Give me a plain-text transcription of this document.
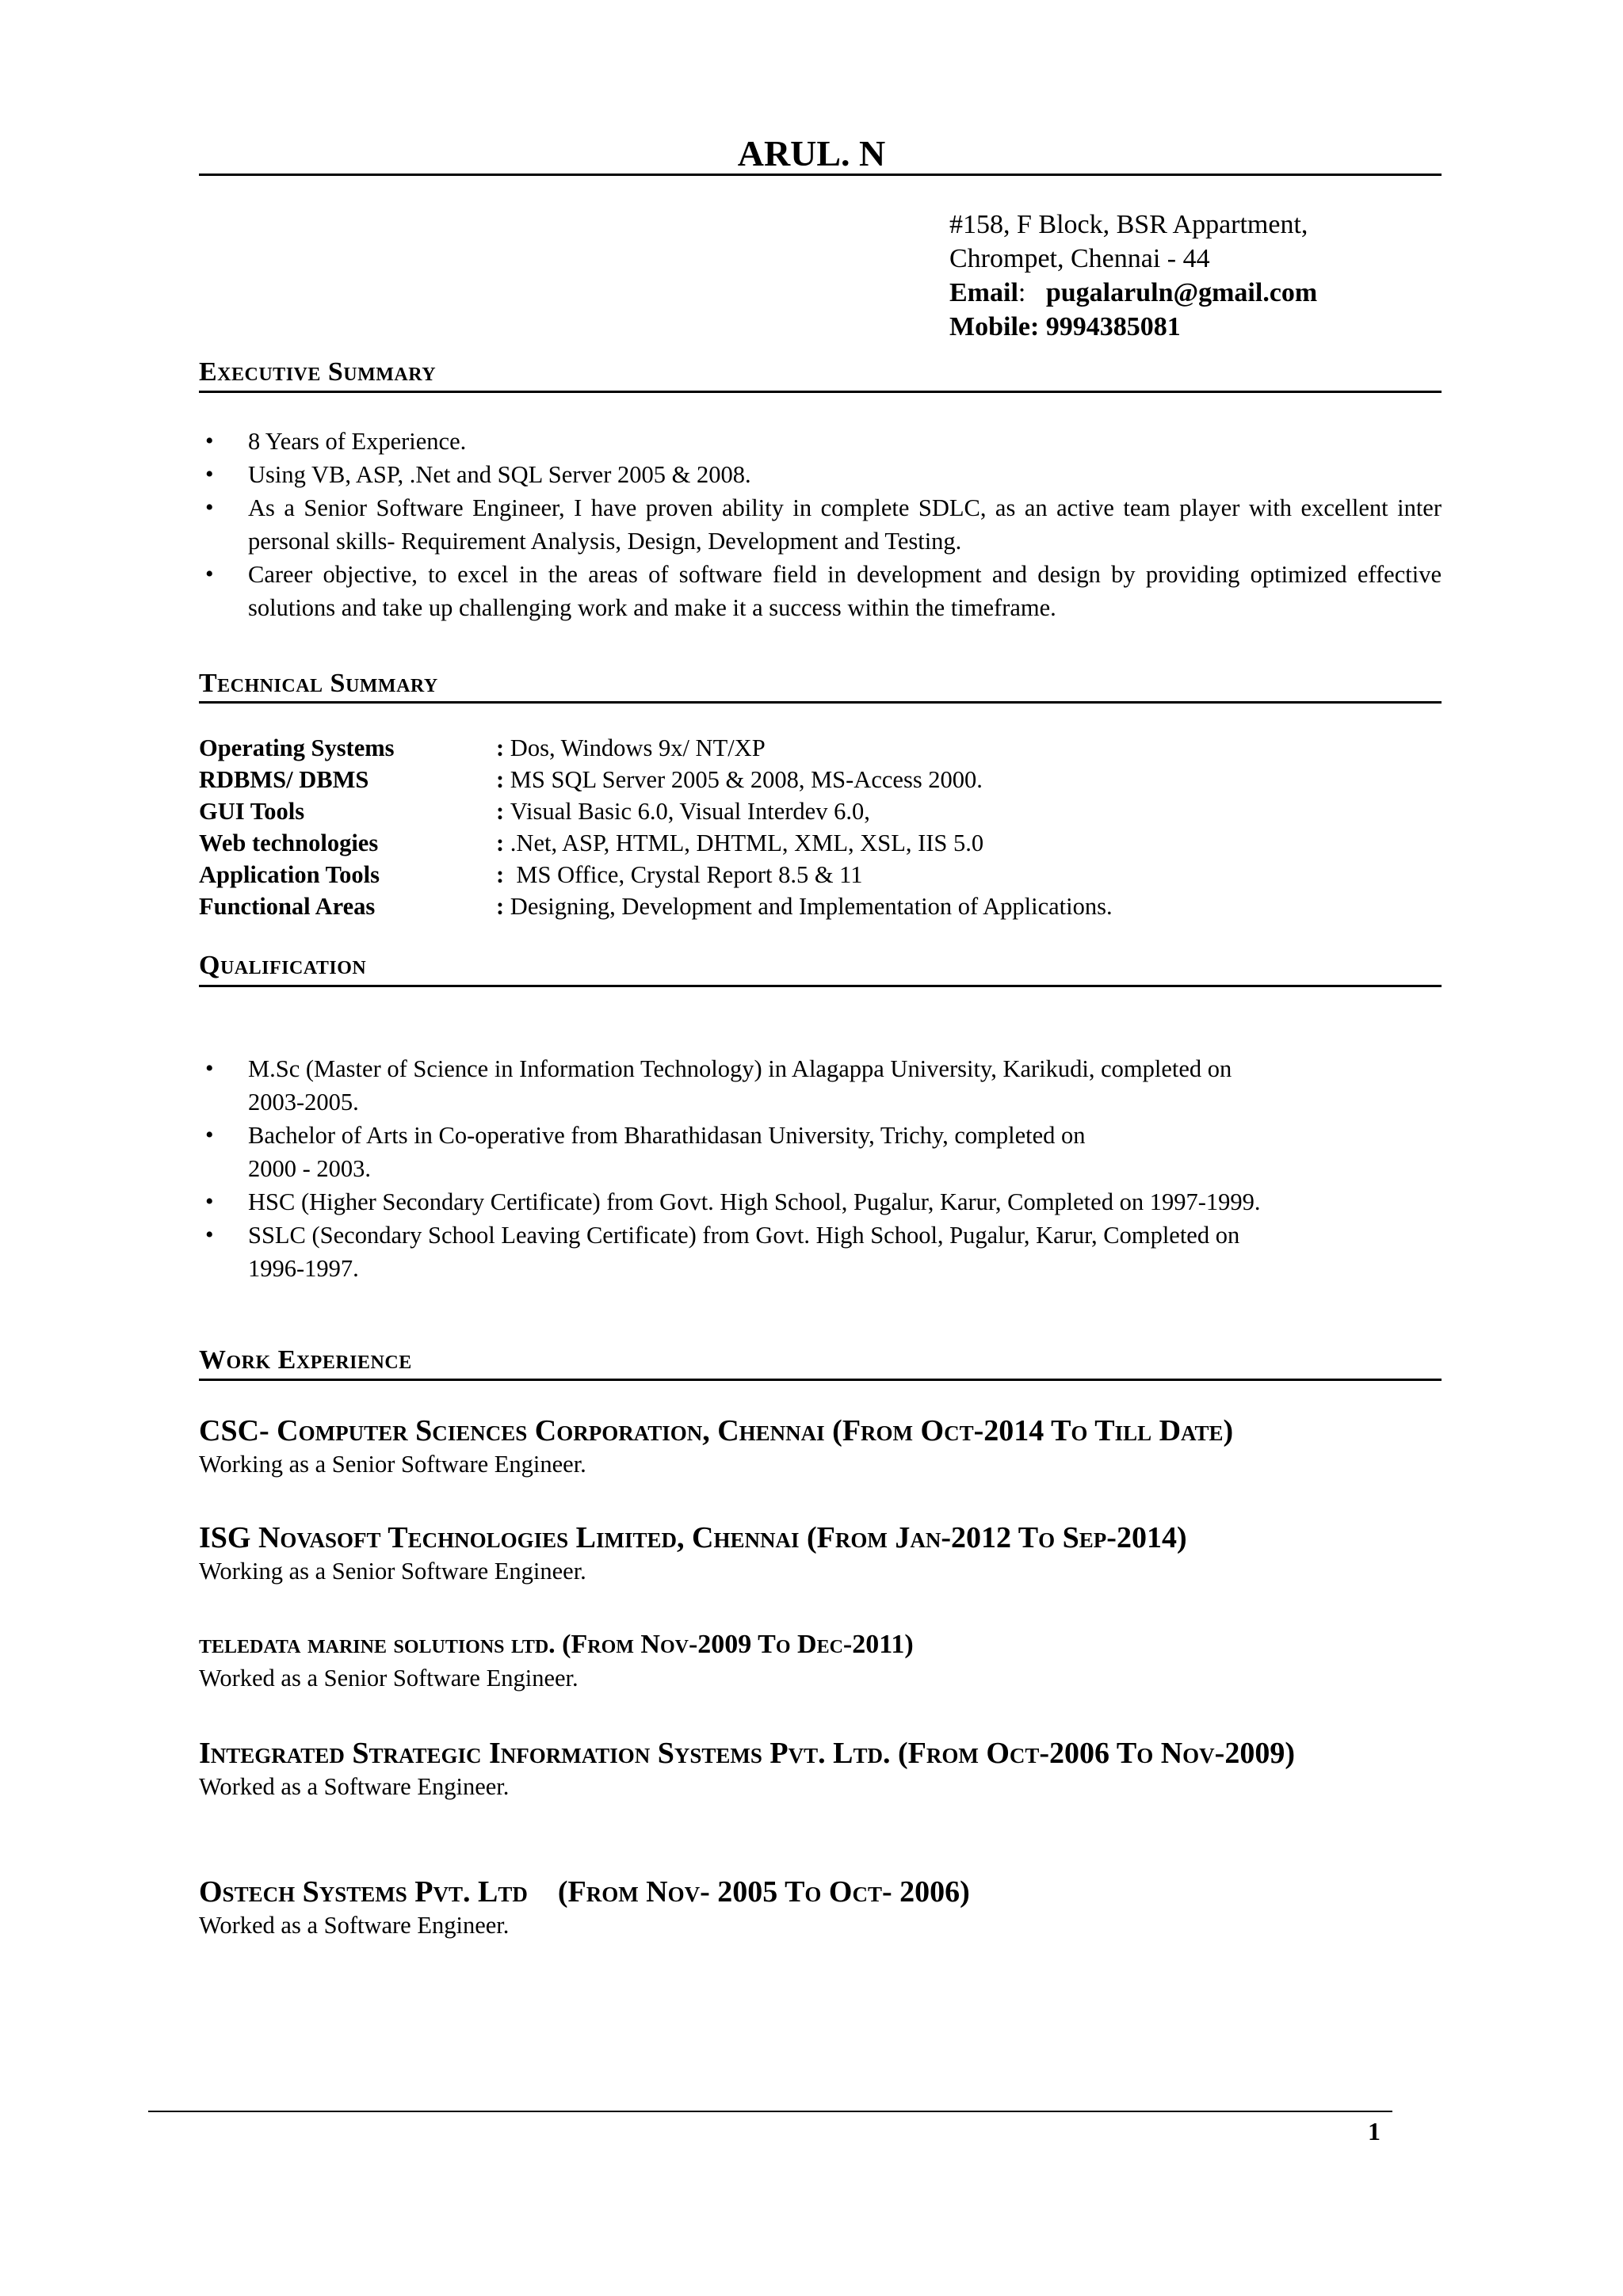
ARUL. N
#158, F Block, BSR Appartment,
Chrompet, Chennai - 44
Email:   pugalaruln@gmail.com
Mobile: 9994385081
Executive Summary
• 8 Years of Experience.
• Using VB, ASP, .Net and SQL Server 2005 & 2008.
• As a Senior Software Engineer, I have proven ability in complete SDLC, as an active team player with excellent inter personal skills- Requirement Analysis, Design, Development and Testing.
• Career objective, to excel in the areas of software field in development and design by providing optimized effective solutions and take up challenging work and make it a success within the timeframe.
Technical Summary
Operating Systems	: Dos, Windows 9x/ NT/XP
RDBMS/ DBMS	: MS SQL Server 2005 & 2008, MS-Access 2000.
GUI Tools	: Visual Basic 6.0, Visual Interdev 6.0,
Web technologies	: .Net, ASP, HTML, DHTML, XML, XSL, IIS 5.0
Application Tools	: MS Office, Crystal Report 8.5 & 11
Functional Areas	: Designing, Development and Implementation of Applications.
Qualification
• M.Sc (Master of Science in Information Technology) in Alagappa University, Karikudi, completed on
2003-2005.
• Bachelor of Arts in Co-operative from Bharathidasan University, Trichy, completed on
2000 - 2003.
• HSC (Higher Secondary Certificate) from Govt. High School, Pugalur, Karur, Completed on 1997-1999.
• SSLC (Secondary School Leaving Certificate) from Govt. High School, Pugalur, Karur, Completed on
1996-1997.
Work Experience
CSC- Computer Sciences Corporation, Chennai (From Oct-2014 To Till Date)
Working as a Senior Software Engineer.
ISG Novasoft Technologies Limited, Chennai (From Jan-2012 To Sep-2014)
Working as a Senior Software Engineer.
teledata marine solutions ltd. (From Nov-2009 To Dec-2011)
Worked as a Senior Software Engineer.
Integrated Strategic Information Systems Pvt. Ltd. (From Oct-2006 To Nov-2009)
Worked as a Software Engineer.
Ostech Systems Pvt. Ltd    (From Nov- 2005 To Oct- 2006)
Worked as a Software Engineer.
1
